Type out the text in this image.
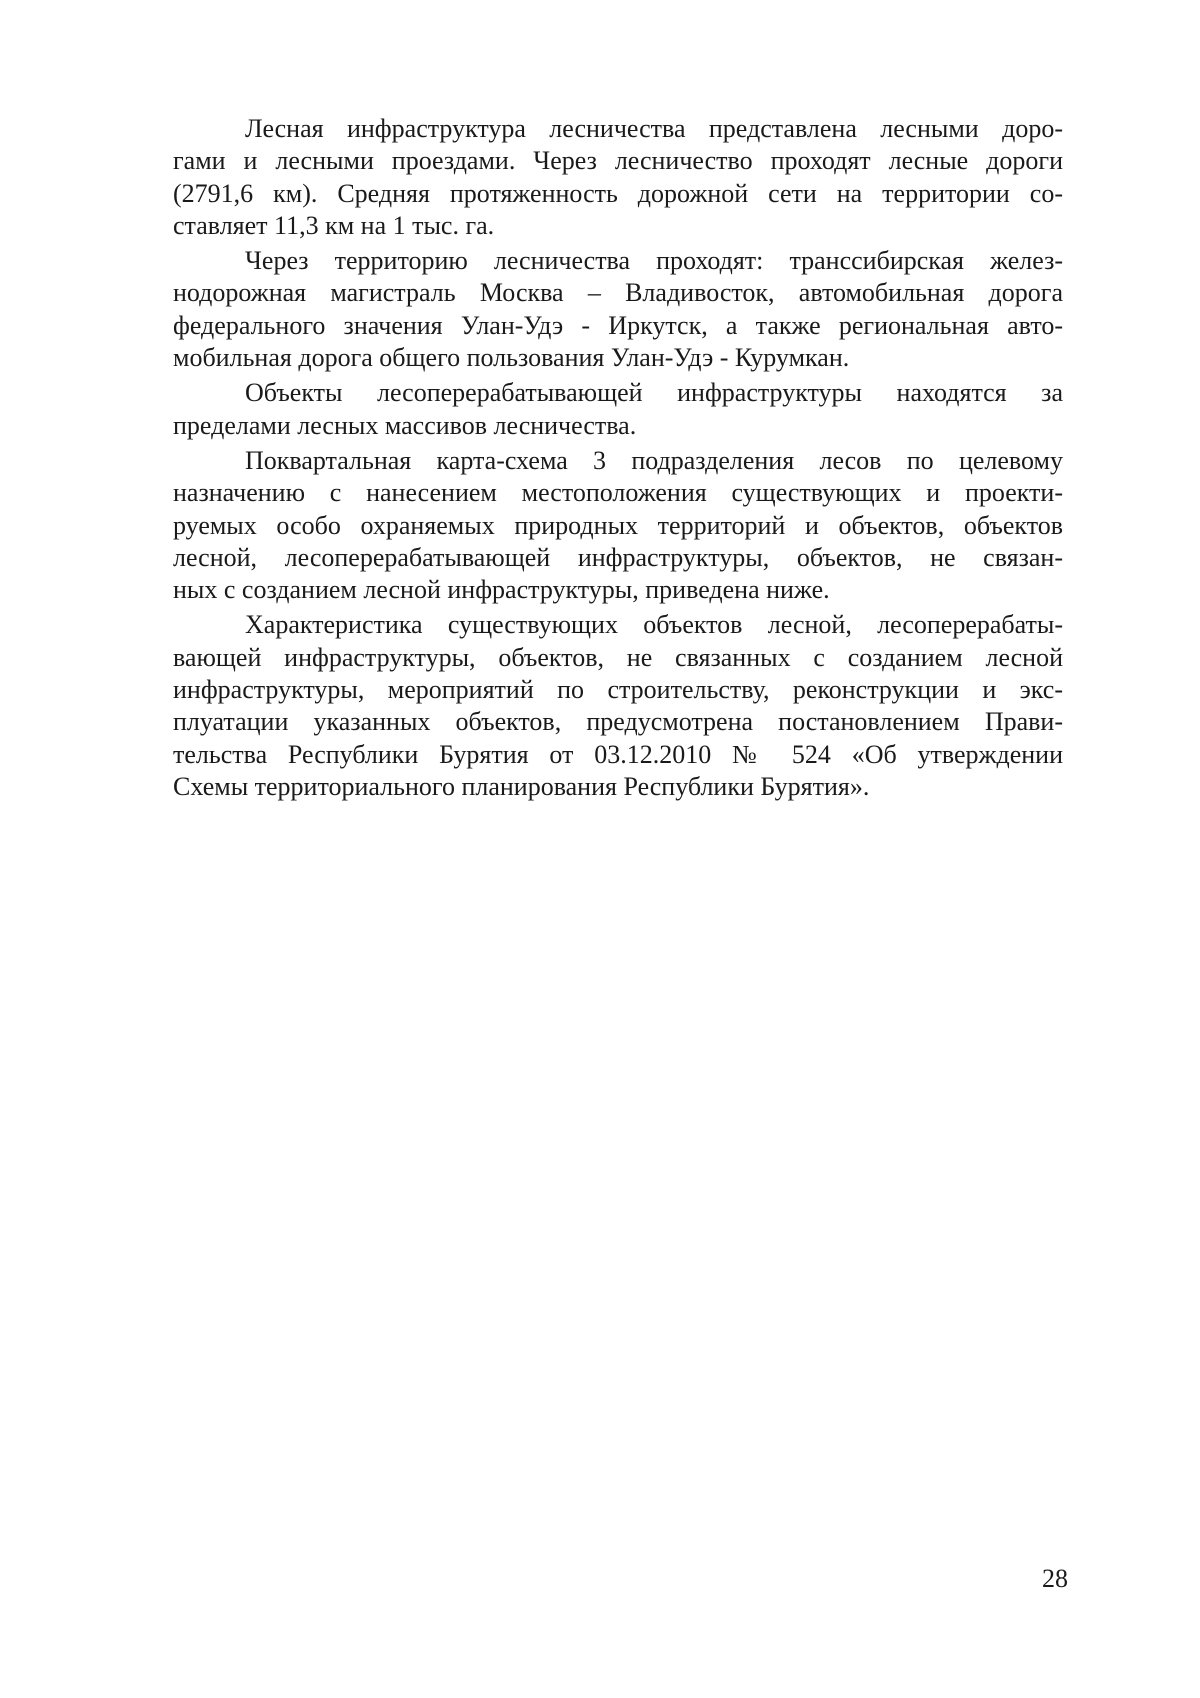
Лесная инфраструктура лесничества представлена лесными доро-
гами и лесными проездами. Через лесничество проходят лесные дороги
(2791,6 км). Средняя протяженность дорожной сети на территории со-
ставляет 11,3 км на 1 тыс. га.

Через территорию лесничества проходят: транссибирская желез-
нодорожная магистраль Москва – Владивосток, автомобильная дорога
федерального значения Улан-Удэ - Иркутск, а также региональная авто-
мобильная дорога общего пользования Улан-Удэ - Курумкан.

Объекты лесоперерабатывающей инфраструктуры находятся за
пределами лесных массивов лесничества.

Поквартальная карта-схема 3 подразделения лесов по целевому
назначению с нанесением местоположения существующих и проекти-
руемых особо охраняемых природных территорий и объектов, объектов
лесной, лесоперерабатывающей инфраструктуры, объектов, не связан-
ных с созданием лесной инфраструктуры, приведена ниже.

Характеристика существующих объектов лесной, лесоперерабаты-
вающей инфраструктуры, объектов, не связанных с созданием лесной
инфраструктуры, мероприятий по строительству, реконструкции и экс-
плуатации указанных объектов, предусмотрена постановлением Прави-
тельства Республики Бурятия от 03.12.2010 № 524 «Об утверждении
Схемы территориального планирования Республики Бурятия».

28
